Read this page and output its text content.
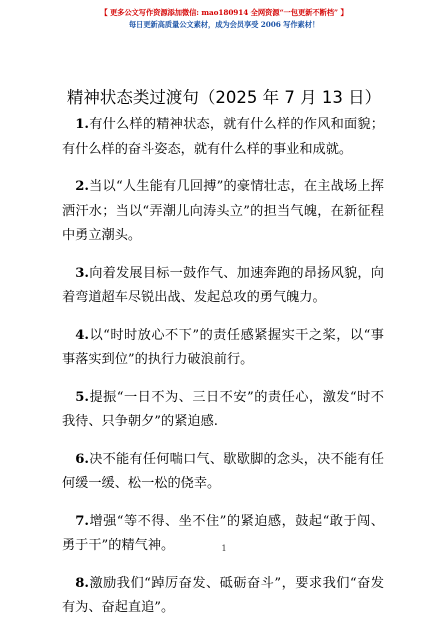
【 更多公文写作资源添加微信: mao180914 全网资源“一包更新不断档” 】
每日更新高质量公文素材，成为会员享受 2006 写作素材！
精神状态类过渡句（2025 年 7 月 13 日）

1.有什么样的精神状态，就有什么样的作风和面貌；有什么样的奋斗姿态，就有什么样的事业和成就。

2.当以“人生能有几回搏”的豪情壮志，在主战场上挥洒汗水；当以“弄潮儿向涛头立”的担当气魄，在新征程中勇立潮头。

3.向着发展目标一鼓作气、加速奔跑的昂扬风貌，向着弯道超车尽锐出战、发起总攻的勇气魄力。

4.以“时时放心不下”的责任感紧握实干之桨，以“事事落实到位”的执行力破浪前行。

5.提振“一日不为、三日不安”的责任心，激发“时不我待、只争朝夕”的紧迫感.

6.决不能有任何喘口气、歇歇脚的念头，决不能有任何缓一缓、松一松的侥幸。

7.增强“等不得、坐不住”的紧迫感，鼓起“敢于闯、勇于干”的精气神。

8.激励我们“踔厉奋发、砥砺奋斗”，要求我们“奋发有为、奋起直追”。

1
